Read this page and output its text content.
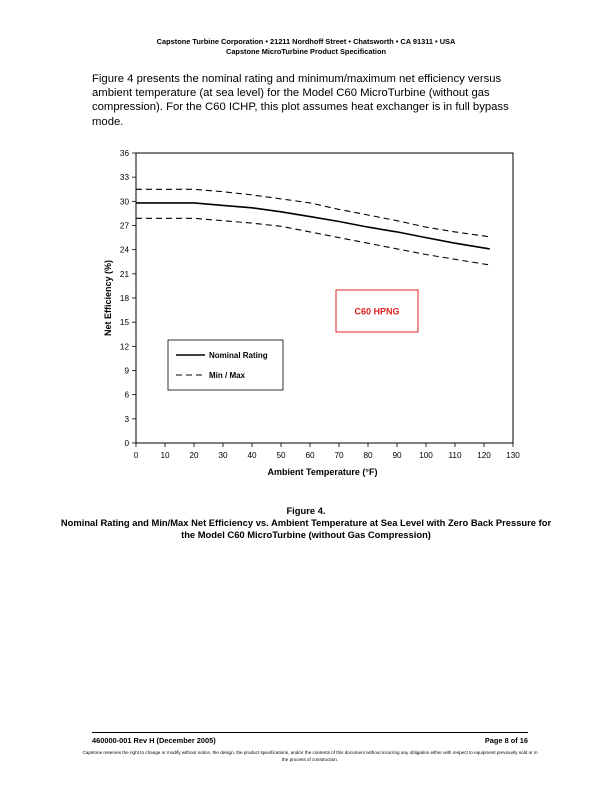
Capstone Turbine Corporation • 21211 Nordhoff Street • Chatsworth • CA 91311 • USA
Capstone MicroTurbine Product Specification
Figure 4 presents the nominal rating and minimum/maximum net efficiency versus ambient temperature (at sea level) for the Model C60 MicroTurbine (without gas compression). For the C60 ICHP, this plot assumes heat exchanger is in full bypass mode.
0	10 20 30 40 50 60 70 80 90 100 110 120 130
0
3
6
9
12
15
18
21
24
27
30
33
36
Ambient Temperature (°F)
Net Efficiency (%)
Nominal Rating
Min / Max
C60 HPNG
Figure 4.
Nominal Rating and Min/Max Net Efficiency vs. Ambient Temperature at Sea Level with Zero Back Pressure for the Model C60 MicroTurbine (without Gas Compression)
460000-001 Rev H (December 2005)	Page 8 of 16
Capstone reserves the right to change or modify without notice, the design, the product specifications, and/or the contents of this document without incurring any obligation either with respect to equipment previously sold or in the process of construction.
